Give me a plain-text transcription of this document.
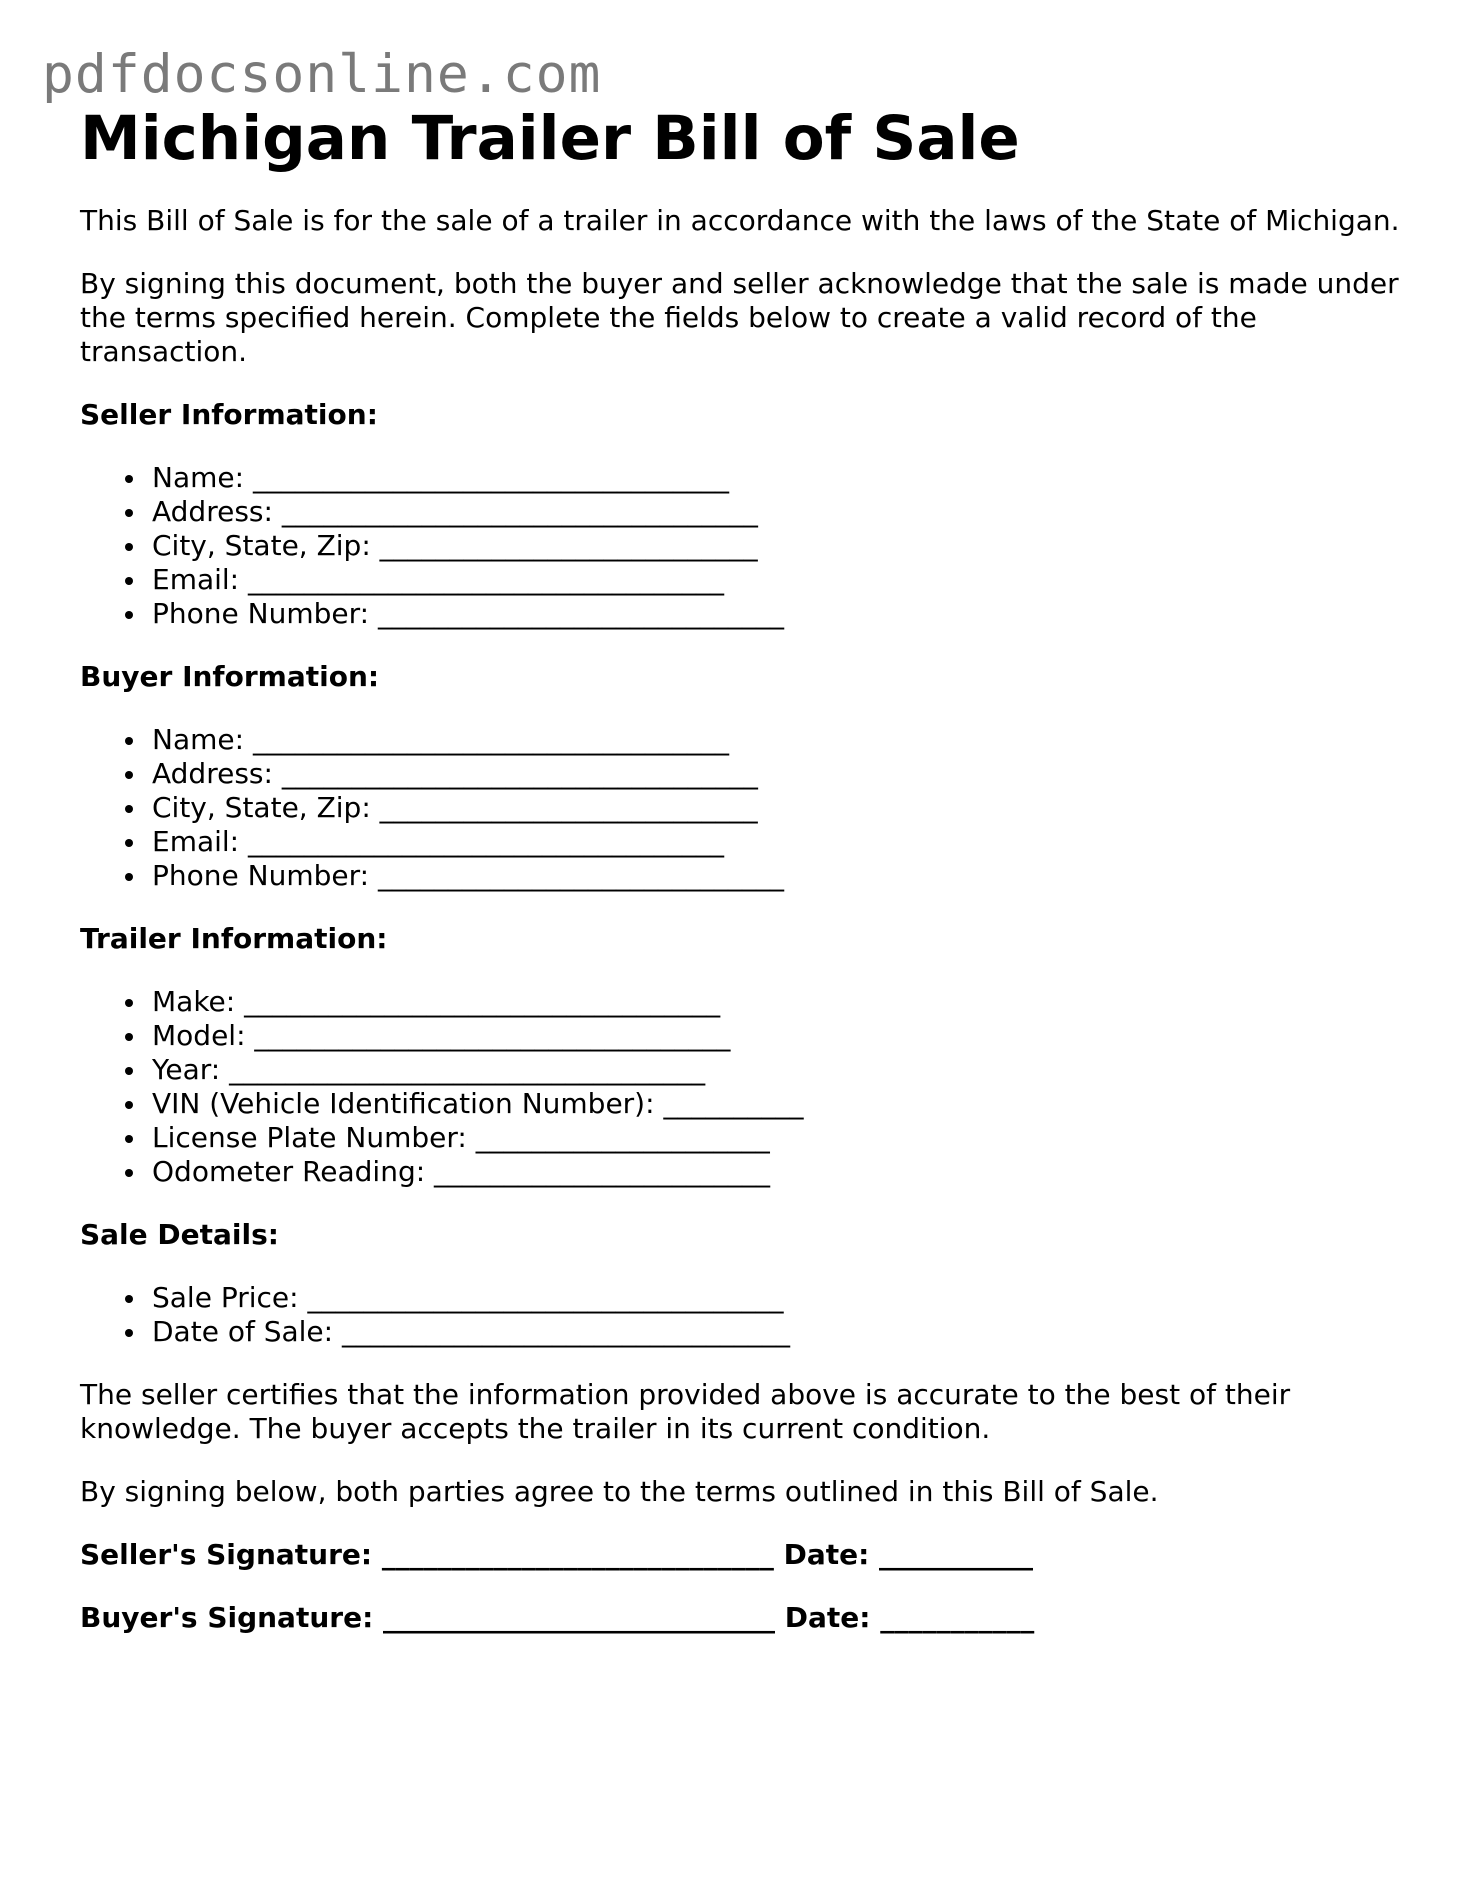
pdfdocsonline.com
Michigan Trailer Bill of Sale

This Bill of Sale is for the sale of a trailer in accordance with the laws of the State of Michigan.

By signing this document, both the buyer and seller acknowledge that the sale is made under the terms specified herein. Complete the fields below to create a valid record of the transaction.

Seller Information:
Name: __________________________________
Address: __________________________________
City, State, Zip: ___________________________
Email: __________________________________
Phone Number: _____________________________
Buyer Information:
Name: __________________________________
Address: __________________________________
City, State, Zip: ___________________________
Email: __________________________________
Phone Number: _____________________________
Trailer Information:
Make: __________________________________
Model: __________________________________
Year: __________________________________
VIN (Vehicle Identification Number): __________
License Plate Number: _____________________
Odometer Reading: ________________________
Sale Details:
Sale Price: __________________________________
Date of Sale: ________________________________

The seller certifies that the information provided above is accurate to the best of their knowledge. The buyer accepts the trailer in its current condition.

By signing below, both parties agree to the terms outlined in this Bill of Sale.

Seller's Signature: ____________________________ Date: ___________
Buyer's Signature: ____________________________ Date: ___________
